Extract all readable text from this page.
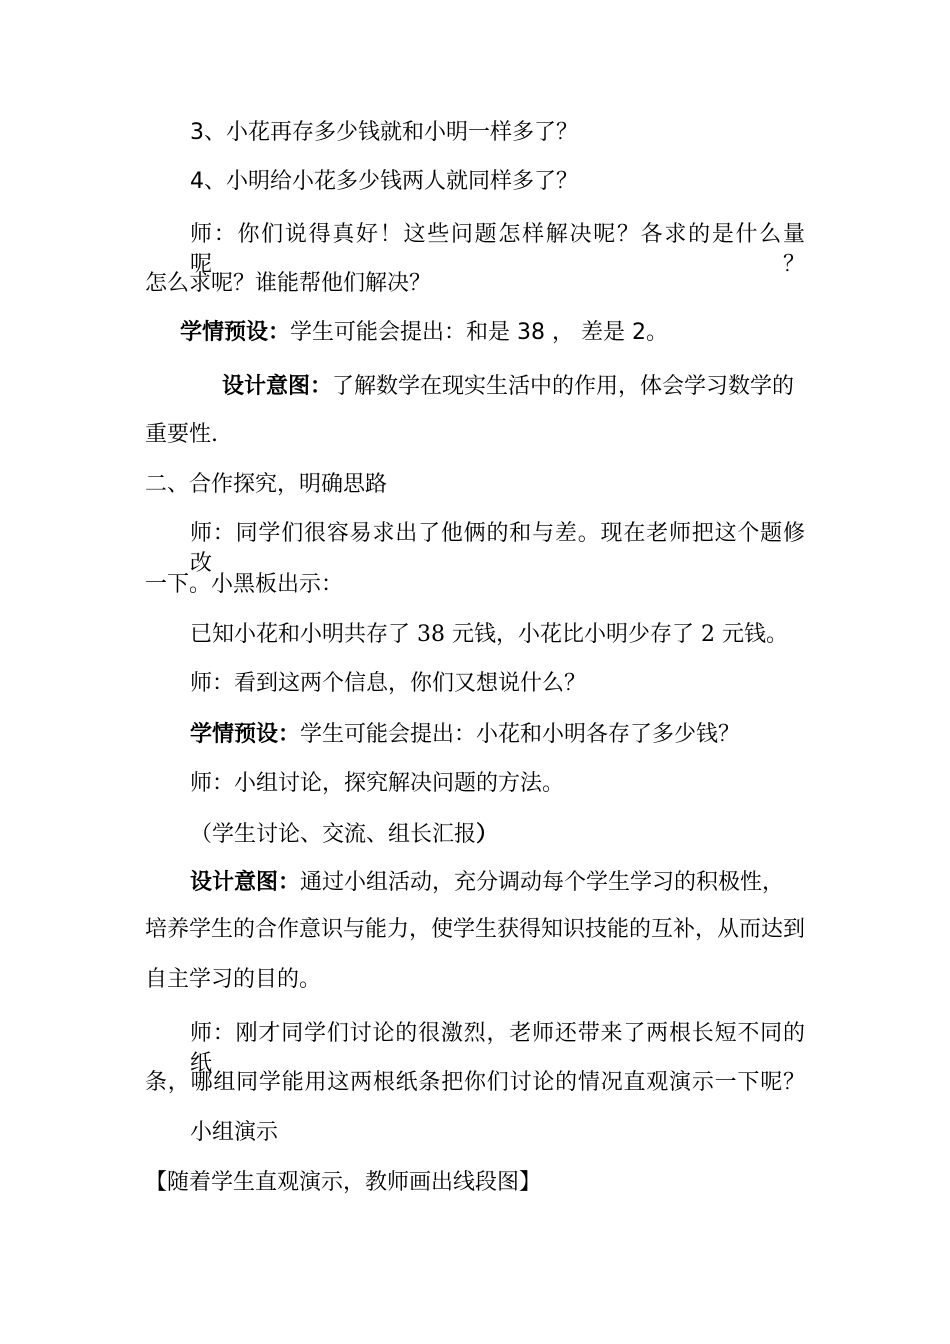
3、小花再存多少钱就和小明一样多了？
4、小明给小花多少钱两人就同样多了？
师：你们说得真好！这些问题怎样解决呢？各求的是什么量呢？
怎么求呢？谁能帮他们解决？
学情预设：学生可能会提出：和是 38 ， 差是 2。
设计意图：了解数学在现实生活中的作用，体会学习数学的
重要性.
二、合作探究，明确思路
师：同学们很容易求出了他俩的和与差。现在老师把这个题修改
一下。小黑板出示：
已知小花和小明共存了 38 元钱，小花比小明少存了 2 元钱。
师：看到这两个信息，你们又想说什么？
学情预设：学生可能会提出：小花和小明各存了多少钱？
师：小组讨论，探究解决问题的方法。
（学生讨论、交流、组长汇报）
设计意图：通过小组活动，充分调动每个学生学习的积极性，
培养学生的合作意识与能力，使学生获得知识技能的互补，从而达到
自主学习的目的。
师：刚才同学们讨论的很激烈，老师还带来了两根长短不同的纸
条，哪组同学能用这两根纸条把你们讨论的情况直观演示一下呢？
小组演示
【随着学生直观演示，教师画出线段图】
